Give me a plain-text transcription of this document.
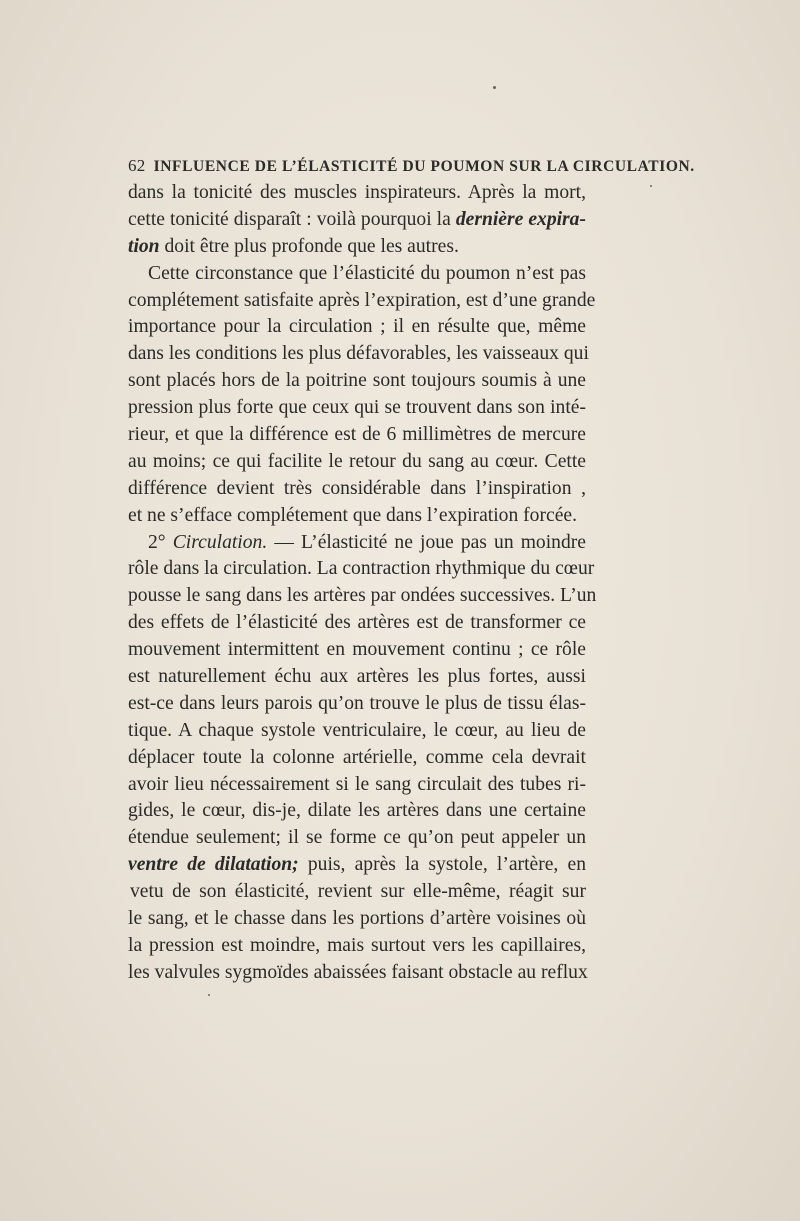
62 INFLUENCE DE L’ÉLASTICITÉ DU POUMON SUR LA CIRCULATION.
dans la tonicité des muscles inspirateurs. Après la mort,
cette tonicité disparaît : voilà pourquoi la dernière expira-
tion doit être plus profonde que les autres.
Cette circonstance que l’élasticité du poumon n’est pas
complétement satisfaite après l’expiration, est d’une grande
importance pour la circulation ; il en résulte que, même
dans les conditions les plus défavorables, les vaisseaux qui
sont placés hors de la poitrine sont toujours soumis à une
pression plus forte que ceux qui se trouvent dans son inté-
rieur, et que la différence est de 6 millimètres de mercure
au moins; ce qui facilite le retour du sang au cœur. Cette
différence devient très considérable dans l’inspiration ,
et ne s’efface complétement que dans l’expiration forcée.
2° Circulation. — L’élasticité ne joue pas un moindre
rôle dans la circulation. La contraction rhythmique du cœur
pousse le sang dans les artères par ondées successives. L’un
des effets de l’élasticité des artères est de transformer ce
mouvement intermittent en mouvement continu ; ce rôle
est naturellement échu aux artères les plus fortes, aussi
est-ce dans leurs parois qu’on trouve le plus de tissu élas-
tique. A chaque systole ventriculaire, le cœur, au lieu de
déplacer toute la colonne artérielle, comme cela devrait
avoir lieu nécessairement si le sang circulait des tubes ri-
gides, le cœur, dis-je, dilate les artères dans une certaine
étendue seulement; il se forme ce qu’on peut appeler un
ventre de dilatation; puis, après la systole, l’artère, en
vetu de son élasticité, revient sur elle-même, réagit sur
le sang, et le chasse dans les portions d’artère voisines où
la pression est moindre, mais surtout vers les capillaires,
les valvules sygmoïdes abaissées faisant obstacle au reflux
